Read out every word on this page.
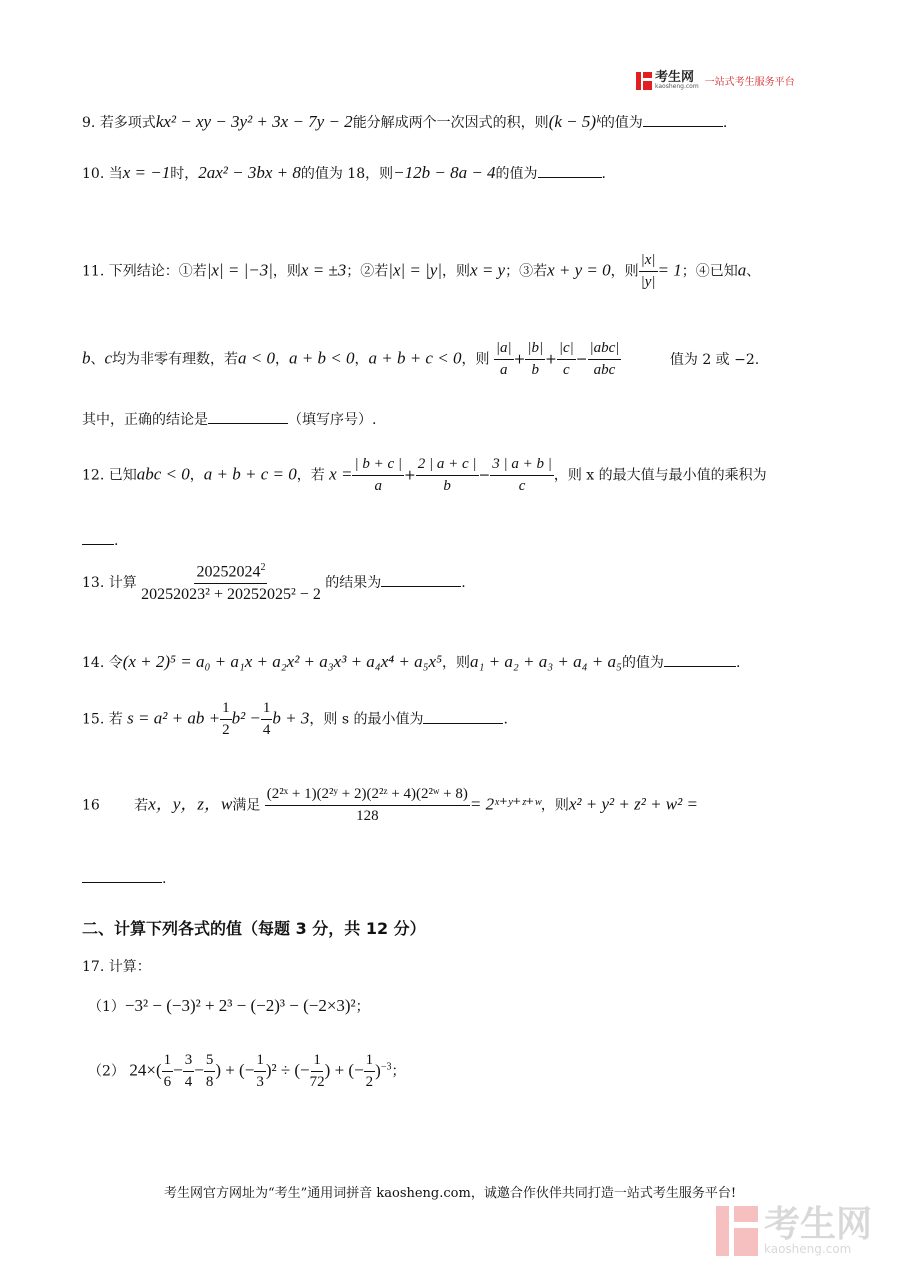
考生网
kaosheng.com 一站式考生服务平台
9. 若多项式kx² − xy − 3y² + 3x − 7y − 2能分解成两个一次因式的积，则(k − 5)ᵏ的值为	.
10. 当x = −1时，2ax² − 3bx + 8的值为 18，则−12b − 8a − 4的值为	.
11. 下列结论：①若|x| = |−3|，则x = ±3；②若|x| = |y|，则x = y；③若x + y = 0，则 $\frac{|x|}{|y|} = 1$；④已知a、
b、c均为非零有理数，若a < 0，a + b < 0，a + b + c < 0，则 $\frac{|a|}{a} + \frac{|b|}{b} + \frac{|c|}{c} - \frac{\text{|abc|}}{\text{abc}}$	值为 2 或 −2.
其中，正确的结论是	（填写序号）.
12. 已知abc < 0，a + b + c = 0，若 $x = \frac{| b + c |}{a} + \frac{2 | a + c |}{b} - \frac{3 | a + b |}{c}$ ，则 x 的最大值与最小值的乘积为
.
13. 计算 $\frac{20252024^2}{\text{20252023² + 20252025² − 2}}$ 的结果为	.
14. 令(x + 2)⁵ = a₀ + a₁x + a₂x² + a₃x³ + a₄x⁴ + a₅x⁵，则a₁ + a₂ + a₃ + a₄ + a₅的值为	.
15. 若 s = a² + ab + $\frac{1}{2} b^2 - \frac{1}{4}$ b + 3，则 s 的最小值为	.
16 若x，y，z，w满足 $\frac{\text{(2²ˣ + 1)(2²ʸ + 2)(2²ᶻ + 4)(2²ʷ + 8)}}{128}$ = 2ˣ⁺ʸ⁺ᶻ⁺ʷ，则x² + y² + z² + w² =
.
二、计算下列各式的值（每题 3 分，共 12 分）
17. 计算：
（1）−3² − (−3)² + 2³ − (−2)³ − (−2×3)²；
（2） $24\times( \frac{1}{6} - \frac{3}{4} - \frac{5}{8}$ ) + (− $\frac{1}{3} )^2$ ÷ (− $\frac{1}{72}$ ) + (− $\frac{1}{2} )^{-3}$；
考生网官方网址为“考生”通用词拼音 kaosheng.com，诚邀合作伙伴共同打造一站式考生服务平台!
考生网
kaosheng.com
